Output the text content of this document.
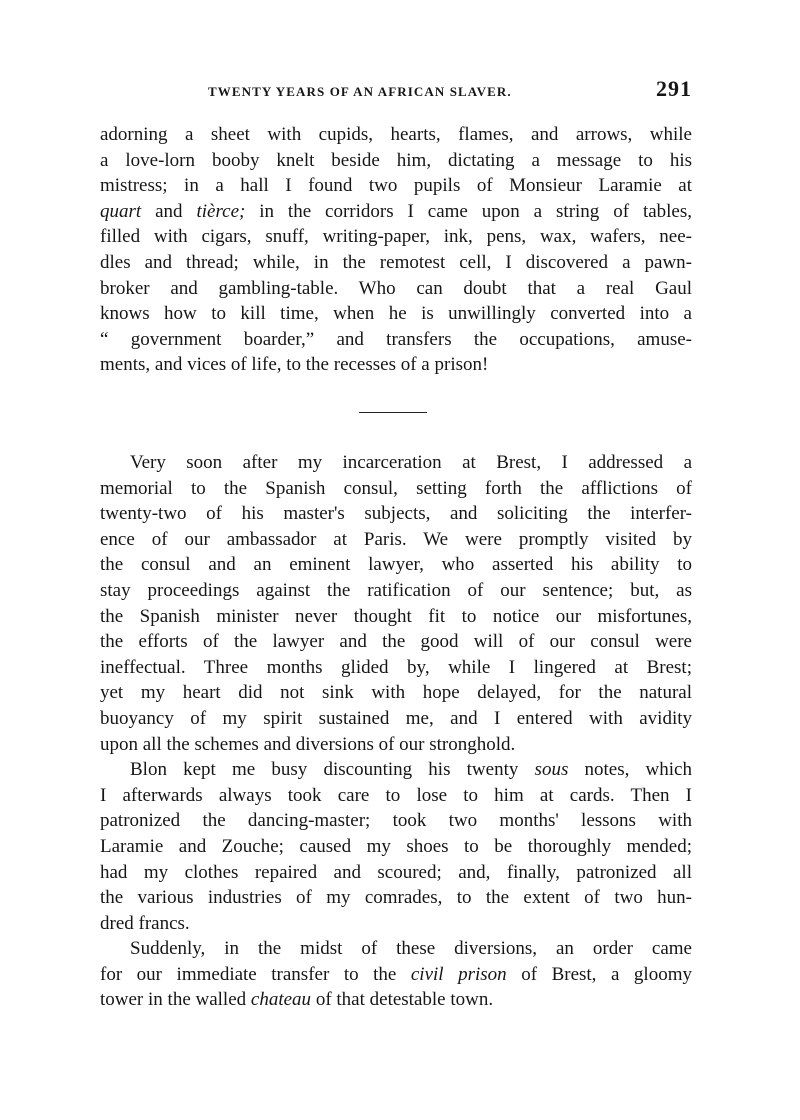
TWENTY YEARS OF AN AFRICAN SLAVER.	291
adorning a sheet with cupids, hearts, flames, and arrows, while
a love-lorn booby knelt beside him, dictating a message to his
mistress; in a hall I found two pupils of Monsieur Laramie at
quart and tièrce; in the corridors I came upon a string of tables,
filled with cigars, snuff, writing-paper, ink, pens, wax, wafers, nee-
dles and thread; while, in the remotest cell, I discovered a pawn-
broker and gambling-table. Who can doubt that a real Gaul
knows how to kill time, when he is unwillingly converted into a
“ government boarder,” and transfers the occupations, amuse-
ments, and vices of life, to the recesses of a prison!
Very soon after my incarceration at Brest, I addressed a
memorial to the Spanish consul, setting forth the afflictions of
twenty-two of his master's subjects, and soliciting the interfer-
ence of our ambassador at Paris. We were promptly visited by
the consul and an eminent lawyer, who asserted his ability to
stay proceedings against the ratification of our sentence; but, as
the Spanish minister never thought fit to notice our misfortunes,
the efforts of the lawyer and the good will of our consul were
ineffectual. Three months glided by, while I lingered at Brest;
yet my heart did not sink with hope delayed, for the natural
buoyancy of my spirit sustained me, and I entered with avidity
upon all the schemes and diversions of our stronghold.
Blon kept me busy discounting his twenty sous notes, which
I afterwards always took care to lose to him at cards. Then I
patronized the dancing-master; took two months' lessons with
Laramie and Zouche; caused my shoes to be thoroughly mended;
had my clothes repaired and scoured; and, finally, patronized all
the various industries of my comrades, to the extent of two hun-
dred francs.
Suddenly, in the midst of these diversions, an order came
for our immediate transfer to the civil prison of Brest, a gloomy
tower in the walled chateau of that detestable town.
